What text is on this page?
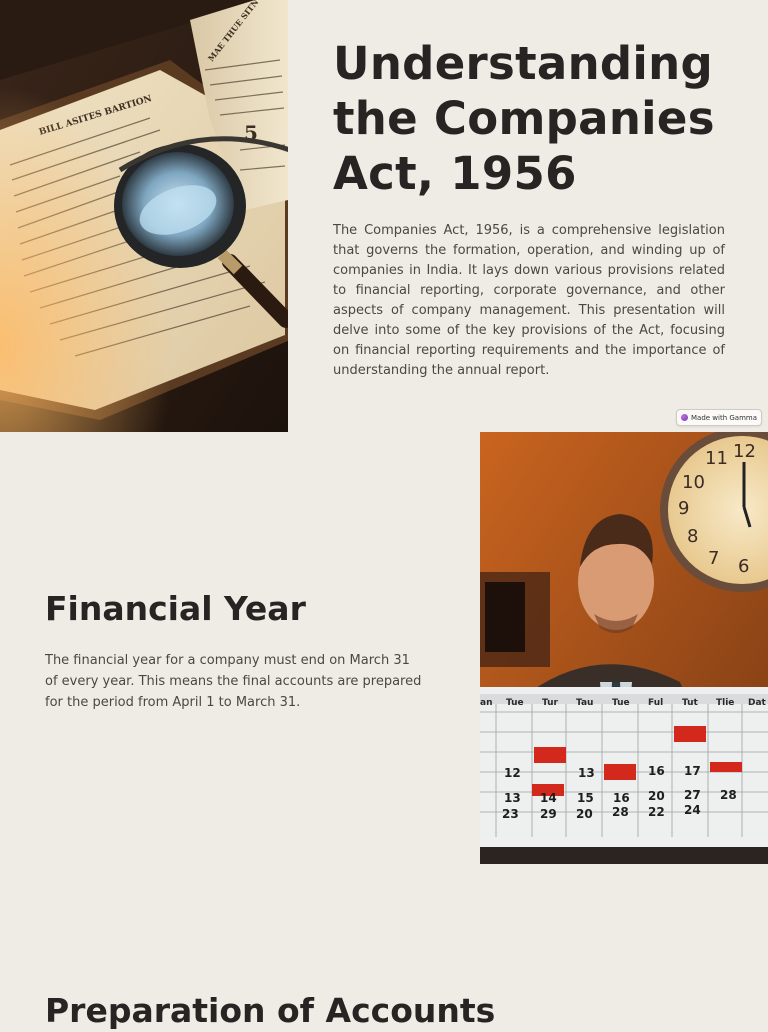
Understanding
the Companies
Act, 1956

The Companies Act, 1956, is a comprehensive legislation that governs the formation, operation, and winding up of companies in India. It lays down various provisions related to financial reporting, corporate governance, and other aspects of company management. This presentation will delve into some of the key provisions of the Act, focusing on financial reporting requirements and the importance of understanding the annual report.

Made with Gamma
Financial Year

The financial year for a company must end on March 31 of every year. This means the final accounts are prepared for the period from April 1 to March 31.

12
11
10
9
8
7 6
an Tue Tur Tau Tue Ful Tut Tlie Dat
12	13	16 17
13 14 15 16 20 27 28
23 29 20 28 22 24
Preparation of Accounts
